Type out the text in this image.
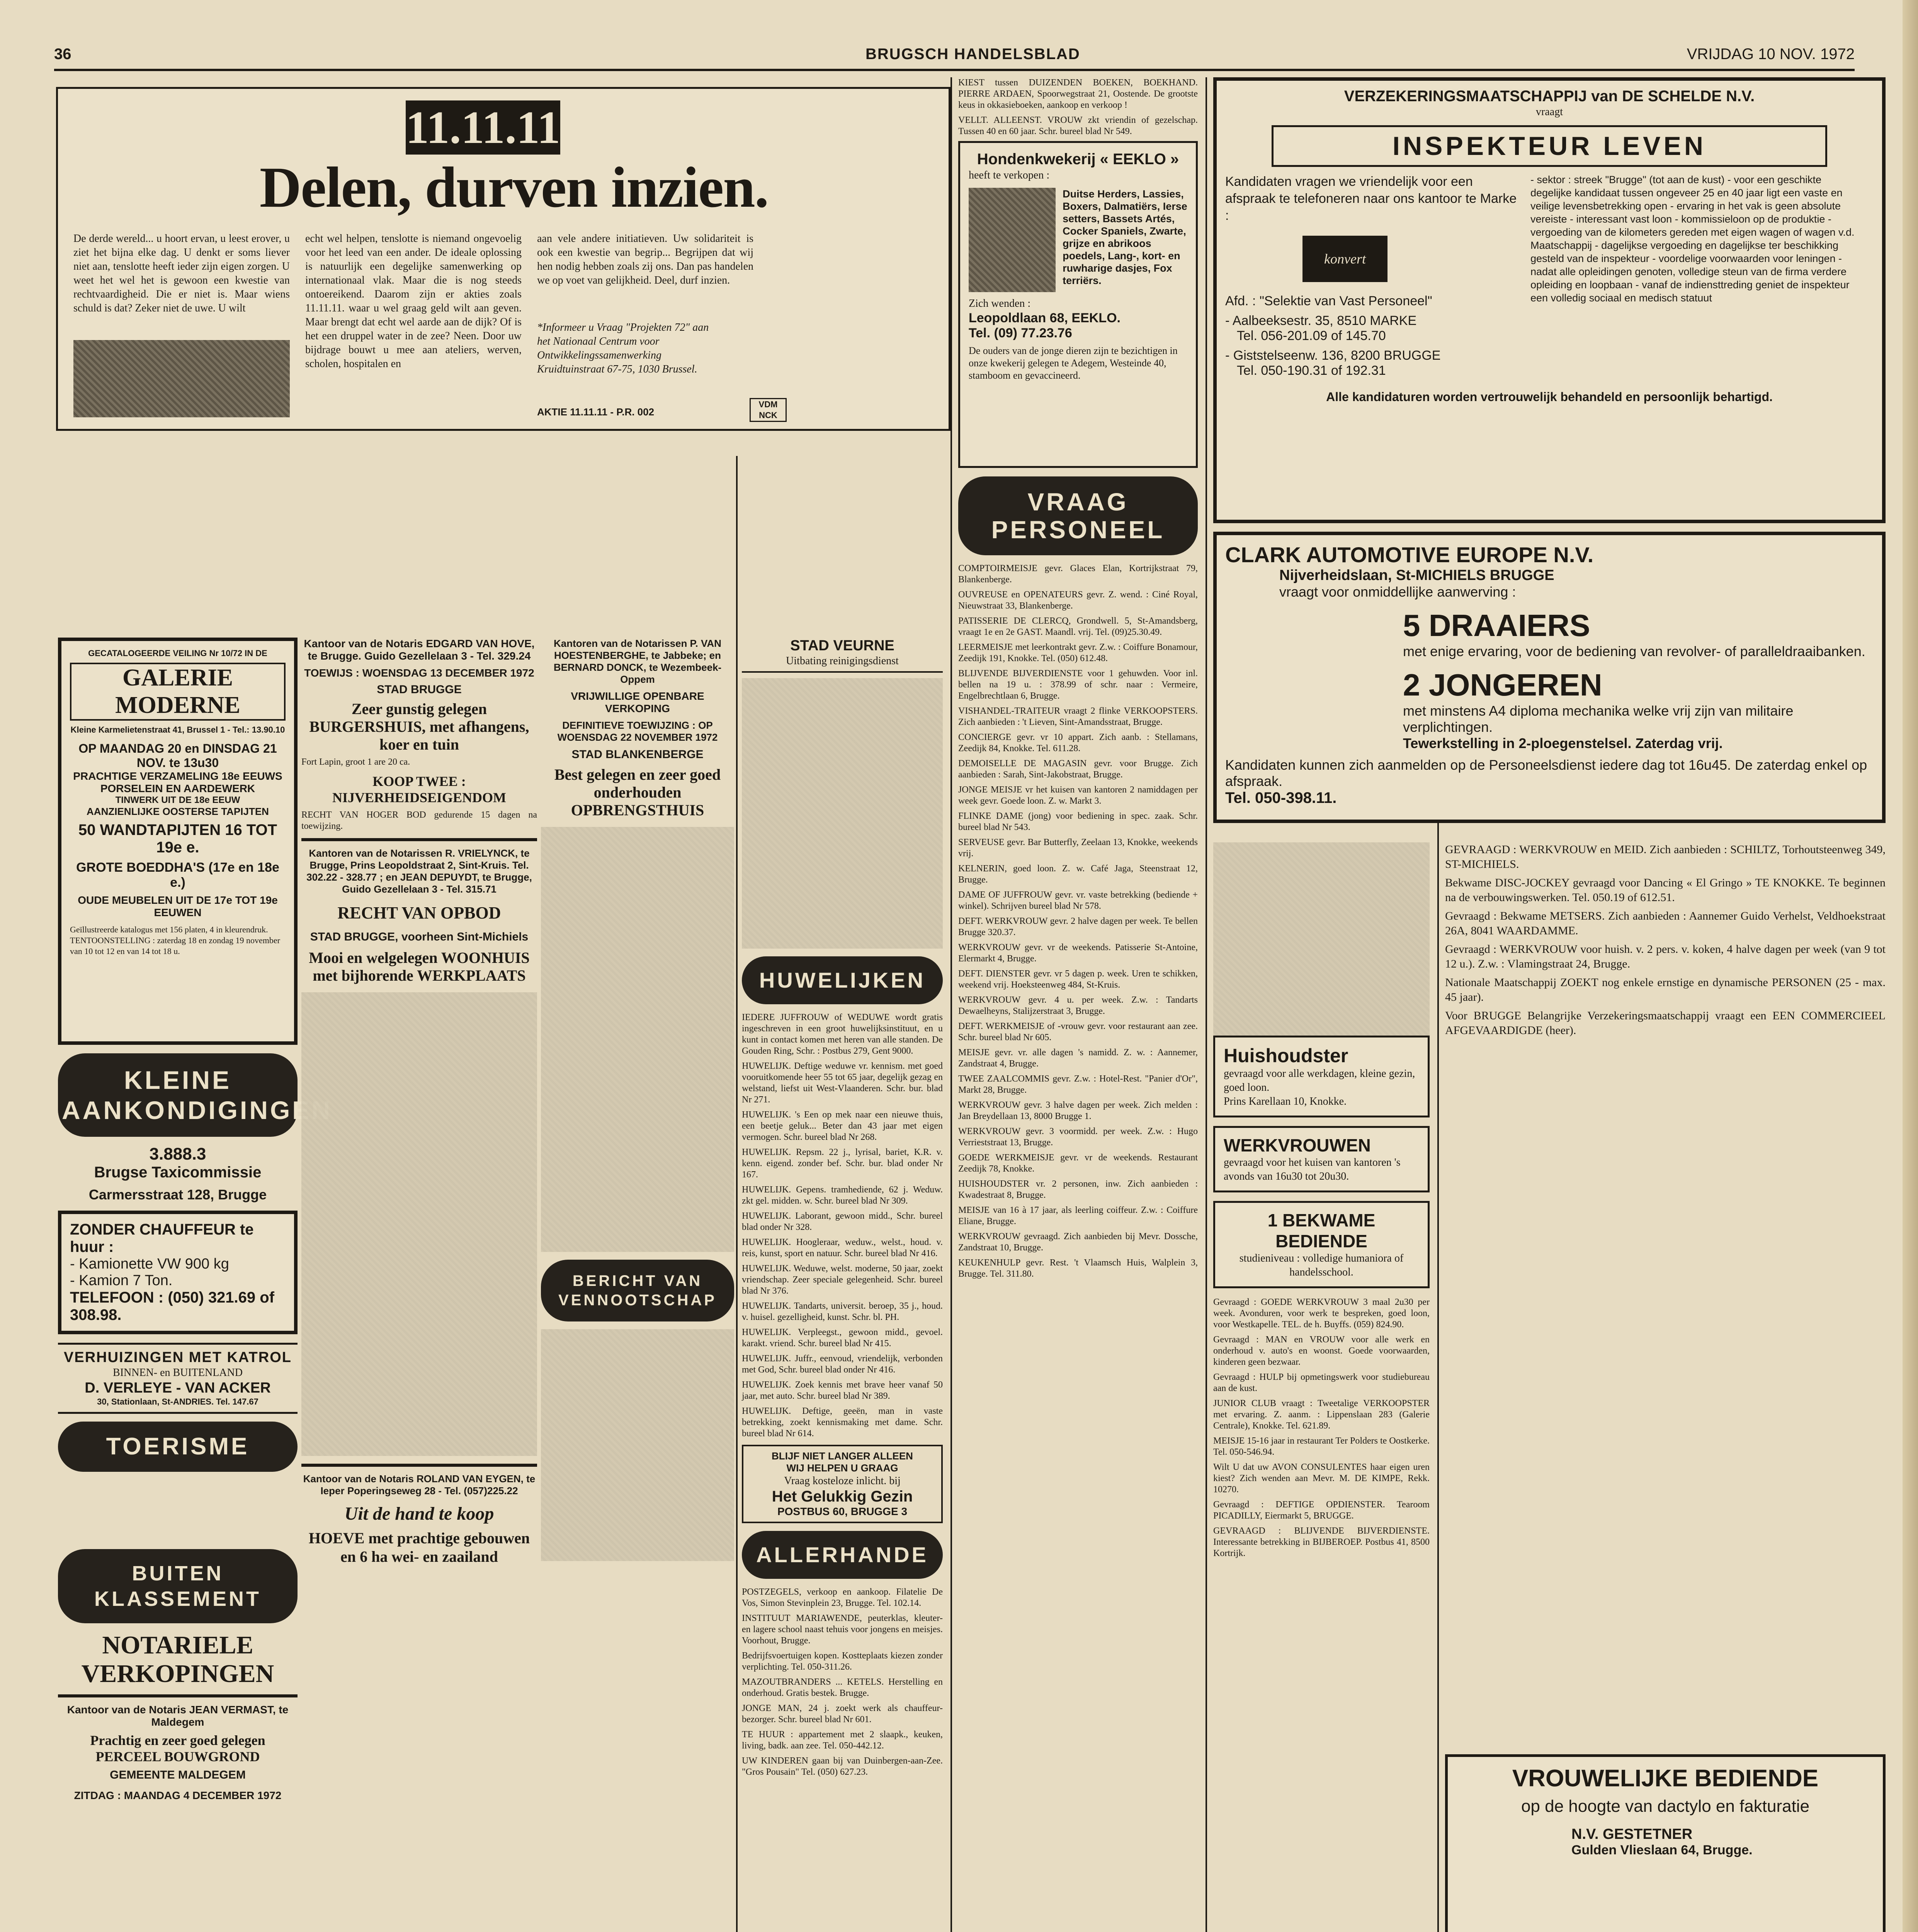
36	BRUGSCH HANDELSBLAD	VRIJDAG 10 NOV. 1972
11.11.11.
Delen, durven inzien.
De derde wereld... u hoort ervan, u leest erover, u ziet het bijna elke dag. U denkt er soms liever niet aan, tenslotte heeft ieder zijn eigen zorgen. U weet het wel het is gewoon een kwestie van rechtvaardigheid. Die er niet is. Maar wiens schuld is dat? Zeker niet de uwe. U wilt
echt wel helpen, tenslotte is niemand ongevoelig voor het leed van een ander. De ideale oplossing is natuurlijk een degelijke samenwerking op internationaal vlak. Maar die is nog steeds ontoereikend. Daarom zijn er akties zoals 11.11.11. waar u wel graag geld wilt aan geven. Maar brengt dat echt wel aarde aan de dijk? Of is het een druppel water in de zee? Neen. Door uw bijdrage bouwt u mee aan ateliers, werven, scholen, hospitalen en
aan vele andere initiatieven. Uw solidariteit is ook een kwestie van begrip... Begrijpen dat wij hen nodig hebben zoals zij ons. Dan pas handelen we op voet van gelijkheid. Deel, durf inzien.
*Informeer u Vraag "Projekten 72" aan het Nationaal Centrum voor Ontwikkelingssamenwerking Kruidtuinstraat 67-75, 1030 Brussel.
AKTIE 11.11.11 - P.R. 002
VDM NCK
KIEST tussen DUIZENDEN BOEKEN, BOEKHAND. PIERRE ARDAEN, Spoorwegstraat 21, Oostende. De grootste keus in okkasieboeken, aankoop en verkoop !
VELLT. ALLEENST. VROUW zkt vriendin of gezelschap. Tussen 40 en 60 jaar. Schr. bureel blad Nr 549.
Hondenkwekerij « EEKLO »
heeft te verkopen :
Duitse Herders, Lassies, Boxers, Dalmatiërs, Ierse setters, Bassets Artés, Cocker Spaniels, Zwarte, grijze en abrikoos poedels, Lang-, kort- en ruwharige dasjes, Fox terriërs.
Zich wenden :
Leopoldlaan 68, EEKLO.
Tel. (09) 77.23.76
De ouders van de jonge dieren zijn te bezichtigen in onze kwekerij gelegen te Adegem, Westeinde 40, stamboom en gevaccineerd.
VRAAG PERSONEEL
COMPTOIRMEISJE gevr. Glaces Elan, Kortrijkstraat 79, Blankenberge.
OUVREUSE en OPENATEURS gevr. Z. wend. : Ciné Royal, Nieuwstraat 33, Blankenberge.
PATISSERIE DE CLERCQ, Grondwell. 5, St-Amandsberg, vraagt 1e en 2e GAST. Maandl. vrij. Tel. (09)25.30.49.
LEERMEISJE met leerkontrakt gevr. Z.w. : Coiffure Bonamour, Zeedijk 191, Knokke. Tel. (050) 612.48.
BLIJVENDE BIJVERDIENSTE voor 1 gehuwden. Voor inl. bellen na 19 u. : 378.99 of schr. naar : Vermeire, Engelbrechtlaan 6, Brugge.
VISHANDEL-TRAITEUR vraagt 2 flinke VERKOOPSTERS. Zich aanbieden : 't Lieven, Sint-Amandsstraat, Brugge.
CONCIERGE gevr. vr 10 appart. Zich aanb. : Stellamans, Zeedijk 84, Knokke. Tel. 611.28.
DEMOISELLE DE MAGASIN gevr. voor Brugge. Zich aanbieden : Sarah, Sint-Jakobstraat, Brugge.
JONGE MEISJE vr het kuisen van kantoren 2 namiddagen per week gevr. Goede loon. Z. w. Markt 3.
FLINKE DAME (jong) voor bediening in spec. zaak. Schr. bureel blad Nr 543.
SERVEUSE gevr. Bar Butterfly, Zeelaan 13, Knokke, weekends vrij.
KELNERIN, goed loon. Z. w. Café Jaga, Steenstraat 12, Brugge.
DAME OF JUFFROUW gevr. vr. vaste betrekking (bediende + winkel). Schrijven bureel blad Nr 578.
DEFT. WERKVROUW gevr. 2 halve dagen per week. Te bellen Brugge 320.37.
WERKVROUW gevr. vr de weekends. Patisserie St-Antoine, Elermarkt 4, Brugge.
DEFT. DIENSTER gevr. vr 5 dagen p. week. Uren te schikken, weekend vrij. Hoeksteenweg 484, St-Kruis.
WERKVROUW gevr. 4 u. per week. Z.w. : Tandarts Dewaelheyns, Stalijzerstraat 3, Brugge.
DEFT. WERKMEISJE of -vrouw gevr. voor restaurant aan zee. Schr. bureel blad Nr 605.
MEISJE gevr. vr. alle dagen 's namidd. Z. w. : Aannemer, Zandstraat 4, Brugge.
TWEE ZAALCOMMIS gevr. Z.w. : Hotel-Rest. "Panier d'Or", Markt 28, Brugge.
WERKVROUW gevr. 3 halve dagen per week. Zich melden : Jan Breydellaan 13, 8000 Brugge 1.
WERKVROUW gevr. 3 voormidd. per week. Z.w. : Hugo Verrieststraat 13, Brugge.
GOEDE WERKMEISJE gevr. vr de weekends. Restaurant Zeedijk 78, Knokke.
HUISHOUDSTER vr. 2 personen, inw. Zich aanbieden : Kwadestraat 8, Brugge.
MEISJE van 16 à 17 jaar, als leerling coiffeur. Z.w. : Coiffure Eliane, Brugge.
WERKVROUW gevraagd. Zich aanbieden bij Mevr. Dossche, Zandstraat 10, Brugge.
KEUKENHULP gevr. Rest. 't Vlaamsch Huis, Walplein 3, Brugge. Tel. 311.80.
VERZEKERINGSMAATSCHAPPIJ van DE SCHELDE N.V.
vraagt
INSPEKTEUR LEVEN
Kandidaten vragen we vriendelijk voor een afspraak te telefoneren naar ons kantoor te Marke :
konvert
Afd. : "Selektie van Vast Personeel"
- Aalbeeksestr. 35, 8510 MARKE
Tel. 056-201.09 of 145.70
- Giststelseenw. 136, 8200 BRUGGE
Tel. 050-190.31 of 192.31
- sektor : streek "Brugge" (tot aan de kust) - voor een geschikte degelijke kandidaat tussen ongeveer 25 en 40 jaar ligt een vaste en veilige levensbetrekking open - ervaring in het vak is geen absolute vereiste - interessant vast loon - kommissieloon op de produktie - vergoeding van de kilometers gereden met eigen wagen of wagen v.d. Maatschappij - dagelijkse vergoeding en dagelijkse ter beschikking gesteld van de inspekteur - voordelige voorwaarden voor leningen - nadat alle opleidingen genoten, volledige steun van de firma verdere opleiding en loopbaan - vanaf de indiensttreding geniet de inspekteur een volledig sociaal en medisch statuut
Alle kandidaturen worden vertrouwelijk behandeld en persoonlijk behartigd.
CLARK AUTOMOTIVE EUROPE N.V.
Nijverheidslaan, St-MICHIELS BRUGGE
vraagt voor onmiddellijke aanwerving :
5 DRAAIERS
met enige ervaring, voor de bediening van revolver- of paralleldraaibanken.
2 JONGEREN
met minstens A4 diploma mechanika welke vrij zijn van militaire verplichtingen.
Tewerkstelling in 2-ploegenstelsel. Zaterdag vrij.
Kandidaten kunnen zich aanmelden op de Personeelsdienst iedere dag tot 16u45. De zaterdag enkel op afspraak.
Tel. 050-398.11.
GECATALOGEERDE VEILING Nr 10/72 IN DE
GALERIE MODERNE
Kleine Karmelietenstraat 41, Brussel 1 - Tel.: 13.90.10
OP MAANDAG 20 en DINSDAG 21 NOV. te 13u30
PRACHTIGE VERZAMELING 18e EEUWS
PORSELEIN EN AARDEWERK
TINWERK UIT DE 18e EEUW
AANZIENLIJKE OOSTERSE TAPIJTEN
50 WANDTAPIJTEN 16 TOT 19e e.
GROTE BOEDDHA'S (17e en 18e e.)
OUDE MEUBELEN UIT DE 17e TOT 19e EEUWEN
Geïllustreerde katalogus met 156 platen, 4 in kleurendruk. TENTOONSTELLING : zaterdag 18 en zondag 19 november van 10 tot 12 en van 14 tot 18 u.
KLEINE AANKONDIGINGEN
3.888.3
Brugse Taxicommissie
Carmersstraat 128, Brugge
ZONDER CHAUFFEUR te huur :
- Kamionette VW 900 kg
- Kamion 7 Ton.
TELEFOON : (050) 321.69 of 308.98.
VERHUIZINGEN MET KATROL
BINNEN- en BUITENLAND
D. VERLEYE - VAN ACKER
30, Stationlaan, St-ANDRIES. Tel. 147.67
TOERISME
BUITEN KLASSEMENT
NOTARIELE VERKOPINGEN
Kantoor van de Notaris JEAN VERMAST, te Maldegem
Prachtig en zeer goed gelegen PERCEEL BOUWGROND
GEMEENTE MALDEGEM
ZITDAG : MAANDAG 4 DECEMBER 1972
Kantoor van de Notaris EDGARD VAN HOVE, te Brugge. Guido Gezellelaan 3 - Tel. 329.24
TOEWIJS : WOENSDAG 13 DECEMBER 1972
STAD BRUGGE
Zeer gunstig gelegen BURGERSHUIS, met afhangens, koer en tuin
Fort Lapin, groot 1 are 20 ca.
KOOP TWEE : NIJVERHEIDSEIGENDOM
RECHT VAN HOGER BOD gedurende 15 dagen na toewijzing.
Kantoren van de Notarissen R. VRIELYNCK, te Brugge, Prins Leopoldstraat 2, Sint-Kruis. Tel. 302.22 - 328.77 ; en JEAN DEPUYDT, te Brugge, Guido Gezellelaan 3 - Tel. 315.71
RECHT VAN OPBOD
STAD BRUGGE, voorheen Sint-Michiels
Mooi en welgelegen WOONHUIS met bijhorende WERKPLAATS
Kantoor van de Notaris ROLAND VAN EYGEN, te Ieper Poperingseweg 28 - Tel. (057)225.22
Uit de hand te koop
HOEVE met prachtige gebouwen en 6 ha wei- en zaailand
Kantoren van de Notarissen P. VAN HOESTENBERGHE, te Jabbeke; en BERNARD DONCK, te Wezembeek-Oppem
VRIJWILLIGE OPENBARE VERKOPING
DEFINITIEVE TOEWIJZING : OP WOENSDAG 22 NOVEMBER 1972
STAD BLANKENBERGE
Best gelegen en zeer goed onderhouden OPBRENGSTHUIS
BERICHT VAN VENNOOTSCHAP
STAD VEURNE
Uitbating reinigingsdienst
HUWELIJKEN
IEDERE JUFFROUW of WEDUWE wordt gratis ingeschreven in een groot huwelijksinstituut, en u kunt in contact komen met heren van alle standen. De Gouden Ring, Schr. : Postbus 279, Gent 9000.
HUWELIJK. Deftige weduwe vr. kennism. met goed vooruitkomende heer 55 tot 65 jaar, degelijk gezag en welstand, liefst uit West-Vlaanderen. Schr. bur. blad Nr 271.
HUWELIJK. 's Een op mek naar een nieuwe thuis, een beetje geluk... Beter dan 43 jaar met eigen vermogen. Schr. bureel blad Nr 268.
HUWELIJK. Repsm. 22 j., lyrisal, bariet, K.R. v. kenn. eigend. zonder bef. Schr. bur. blad onder Nr 167.
HUWELIJK. Gepens. tramhediende, 62 j. Weduw. zkt gel. midden. w. Schr. bureel blad Nr 309.
HUWELIJK. Laborant, gewoon midd., Schr. bureel blad onder Nr 328.
HUWELIJK. Hoogleraar, weduw., welst., houd. v. reis, kunst, sport en natuur. Schr. bureel blad Nr 416.
HUWELIJK. Weduwe, welst. moderne, 50 jaar, zoekt vriendschap. Zeer speciale gelegenheid. Schr. bureel blad Nr 376.
HUWELIJK. Tandarts, universit. beroep, 35 j., houd. v. huisel. gezelligheid, kunst. Schr. bl. PH.
HUWELIJK. Verpleegst., gewoon midd., gevoel. karakt. vriend. Schr. bureel blad Nr 415.
HUWELIJK. Juffr., eenvoud, vriendelijk, verbonden met God, Schr. bureel blad onder Nr 416.
HUWELIJK. Zoek kennis met brave heer vanaf 50 jaar, met auto. Schr. bureel blad Nr 389.
HUWELIJK. Deftige, geeën, man in vaste betrekking, zoekt kennismaking met dame. Schr. bureel blad Nr 614.
BLIJF NIET LANGER ALLEEN
WIJ HELPEN U GRAAG
Vraag kosteloze inlicht. bij
Het Gelukkig Gezin
POSTBUS 60, BRUGGE 3
ALLERHANDE
POSTZEGELS, verkoop en aankoop. Filatelie De Vos, Simon Stevinplein 23, Brugge. Tel. 102.14.
INSTITUUT MARIAWENDE, peuterklas, kleuter- en lagere school naast tehuis voor jongens en meisjes. Voorhout, Brugge.
Bedrijfsvoertuigen kopen. Kostteplaats kiezen zonder verplichting. Tel. 050-311.26.
MAZOUTBRANDERS ... KETELS. Herstelling en onderhoud. Gratis bestek. Brugge.
JONGE MAN, 24 j. zoekt werk als chauffeur-bezorger. Schr. bureel blad Nr 601.
TE HUUR : appartement met 2 slaapk., keuken, living, badk. aan zee. Tel. 050-442.12.
UW KINDEREN gaan bij van Duinbergen-aan-Zee. "Gros Pousain" Tel. (050) 627.23.
Huishoudster
gevraagd voor alle werkdagen, kleine gezin, goed loon.
Prins Karellaan 10, Knokke.
WERKVROUWEN
gevraagd voor het kuisen van kantoren 's avonds van 16u30 tot 20u30.
1 BEKWAME BEDIENDE
studieniveau : volledige humaniora of handelsschool.
Gevraagd : GOEDE WERKVROUW 3 maal 2u30 per week. Avonduren, voor werk te bespreken, goed loon, voor Westkapelle. TEL. de h. Buyffs. (059) 824.90.
Gevraagd : MAN en VROUW voor alle werk en onderhoud v. auto's en woonst. Goede voorwaarden, kinderen geen bezwaar.
Gevraagd : HULP bij opmetingswerk voor studiebureau aan de kust.
JUNIOR CLUB vraagt : Tweetalige VERKOOPSTER met ervaring. Z. aanm. : Lippenslaan 283 (Galerie Centrale), Knokke. Tel. 621.89.
MEISJE 15-16 jaar in restaurant Ter Polders te Oostkerke. Tel. 050-546.94.
Wilt U dat uw AVON CONSULENTES haar eigen uren kiest? Zich wenden aan Mevr. M. DE KIMPE, Rekk. 10270.
Gevraagd : DEFTIGE OPDIENSTER. Tearoom PICADILLY, Eiermarkt 5, BRUGGE.
GEVRAAGD : BLIJVENDE BIJVERDIENSTE. Interessante betrekking in BIJBEROEP. Postbus 41, 8500 Kortrijk.
GEVRAAGD : WERKVROUW en MEID. Zich aanbieden : SCHILTZ, Torhoutsteenweg 349, ST-MICHIELS.
Bekwame DISC-JOCKEY gevraagd voor Dancing « El Gringo » TE KNOKKE. Te beginnen na de verbouwingswerken. Tel. 050.19 of 612.51.
Gevraagd : Bekwame METSERS. Zich aanbieden : Aannemer Guido Verhelst, Veldhoekstraat 26A, 8041 WAARDAMME.
Gevraagd : WERKVROUW voor huish. v. 2 pers. v. koken, 4 halve dagen per week (van 9 tot 12 u.). Z.w. : Vlamingstraat 24, Brugge.
Nationale Maatschappij ZOEKT nog enkele ernstige en dynamische PERSONEN (25 - max. 45 jaar).
Voor BRUGGE Belangrijke Verzekeringsmaatschappij vraagt een EEN COMMERCIEEL AFGEVAARDIGDE (heer).
VROUWELIJKE BEDIENDE
op de hoogte van dactylo en fakturatie
N.V. GESTETNER
Gulden Vlieslaan 64, Brugge.
